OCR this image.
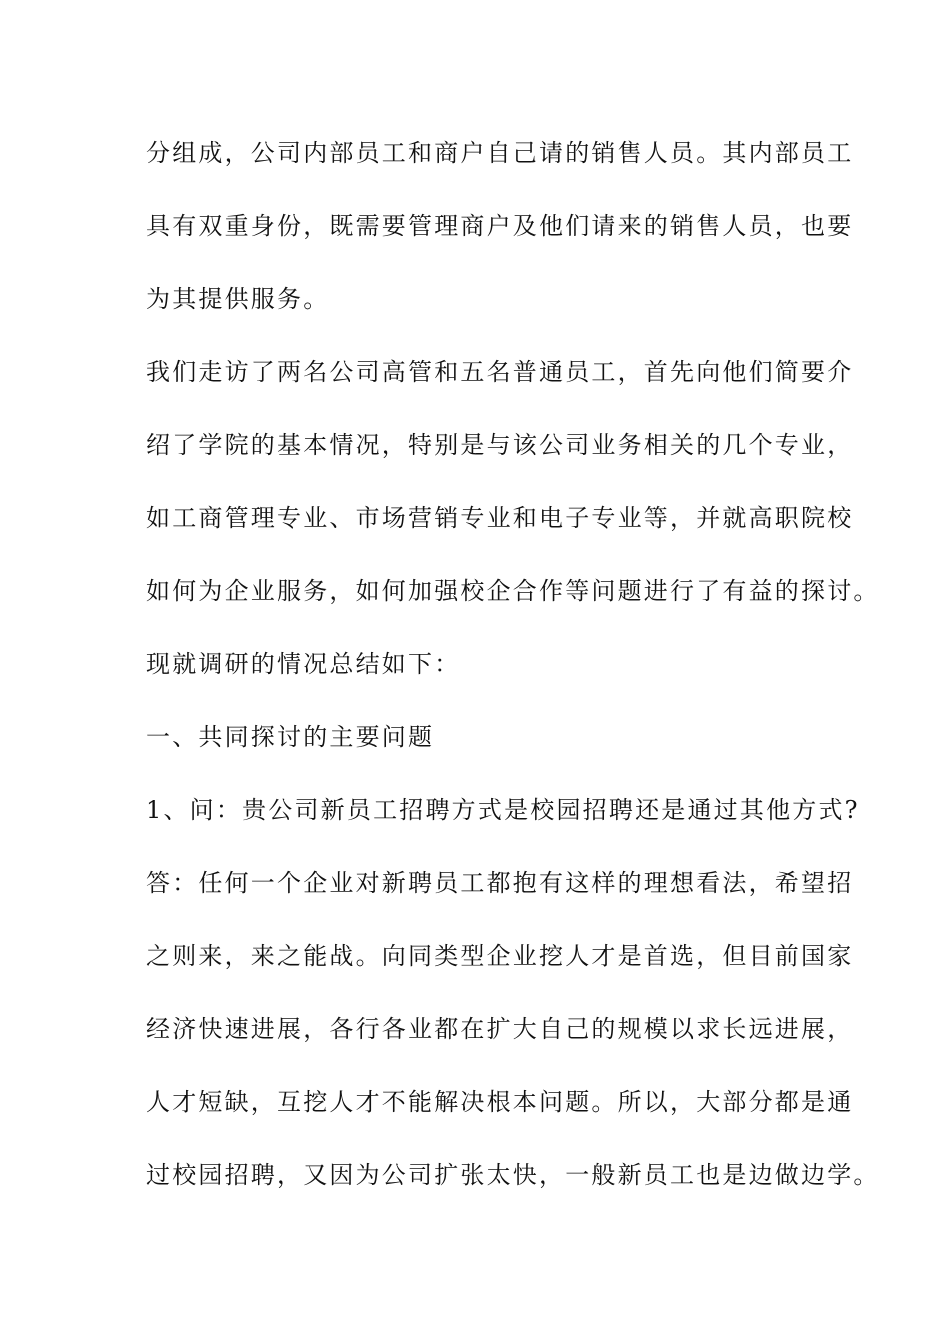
分组成，公司内部员工和商户自己请的销售人员。其内部员工
具有双重身份，既需要管理商户及他们请来的销售人员，也要
为其提供服务。
我们走访了两名公司高管和五名普通员工，首先向他们简要介
绍了学院的基本情况，特别是与该公司业务相关的几个专业，
如工商管理专业、市场营销专业和电子专业等，并就高职院校
如何为企业服务，如何加强校企合作等问题进行了有益的探讨。
现就调研的情况总结如下：
一、共同探讨的主要问题
1、问：贵公司新员工招聘方式是校园招聘还是通过其他方式?
答：任何一个企业对新聘员工都抱有这样的理想看法，希望招
之则来，来之能战。向同类型企业挖人才是首选，但目前国家
经济快速进展，各行各业都在扩大自己的规模以求长远进展，
人才短缺，互挖人才不能解决根本问题。所以，大部分都是通
过校园招聘，又因为公司扩张太快，一般新员工也是边做边学。
